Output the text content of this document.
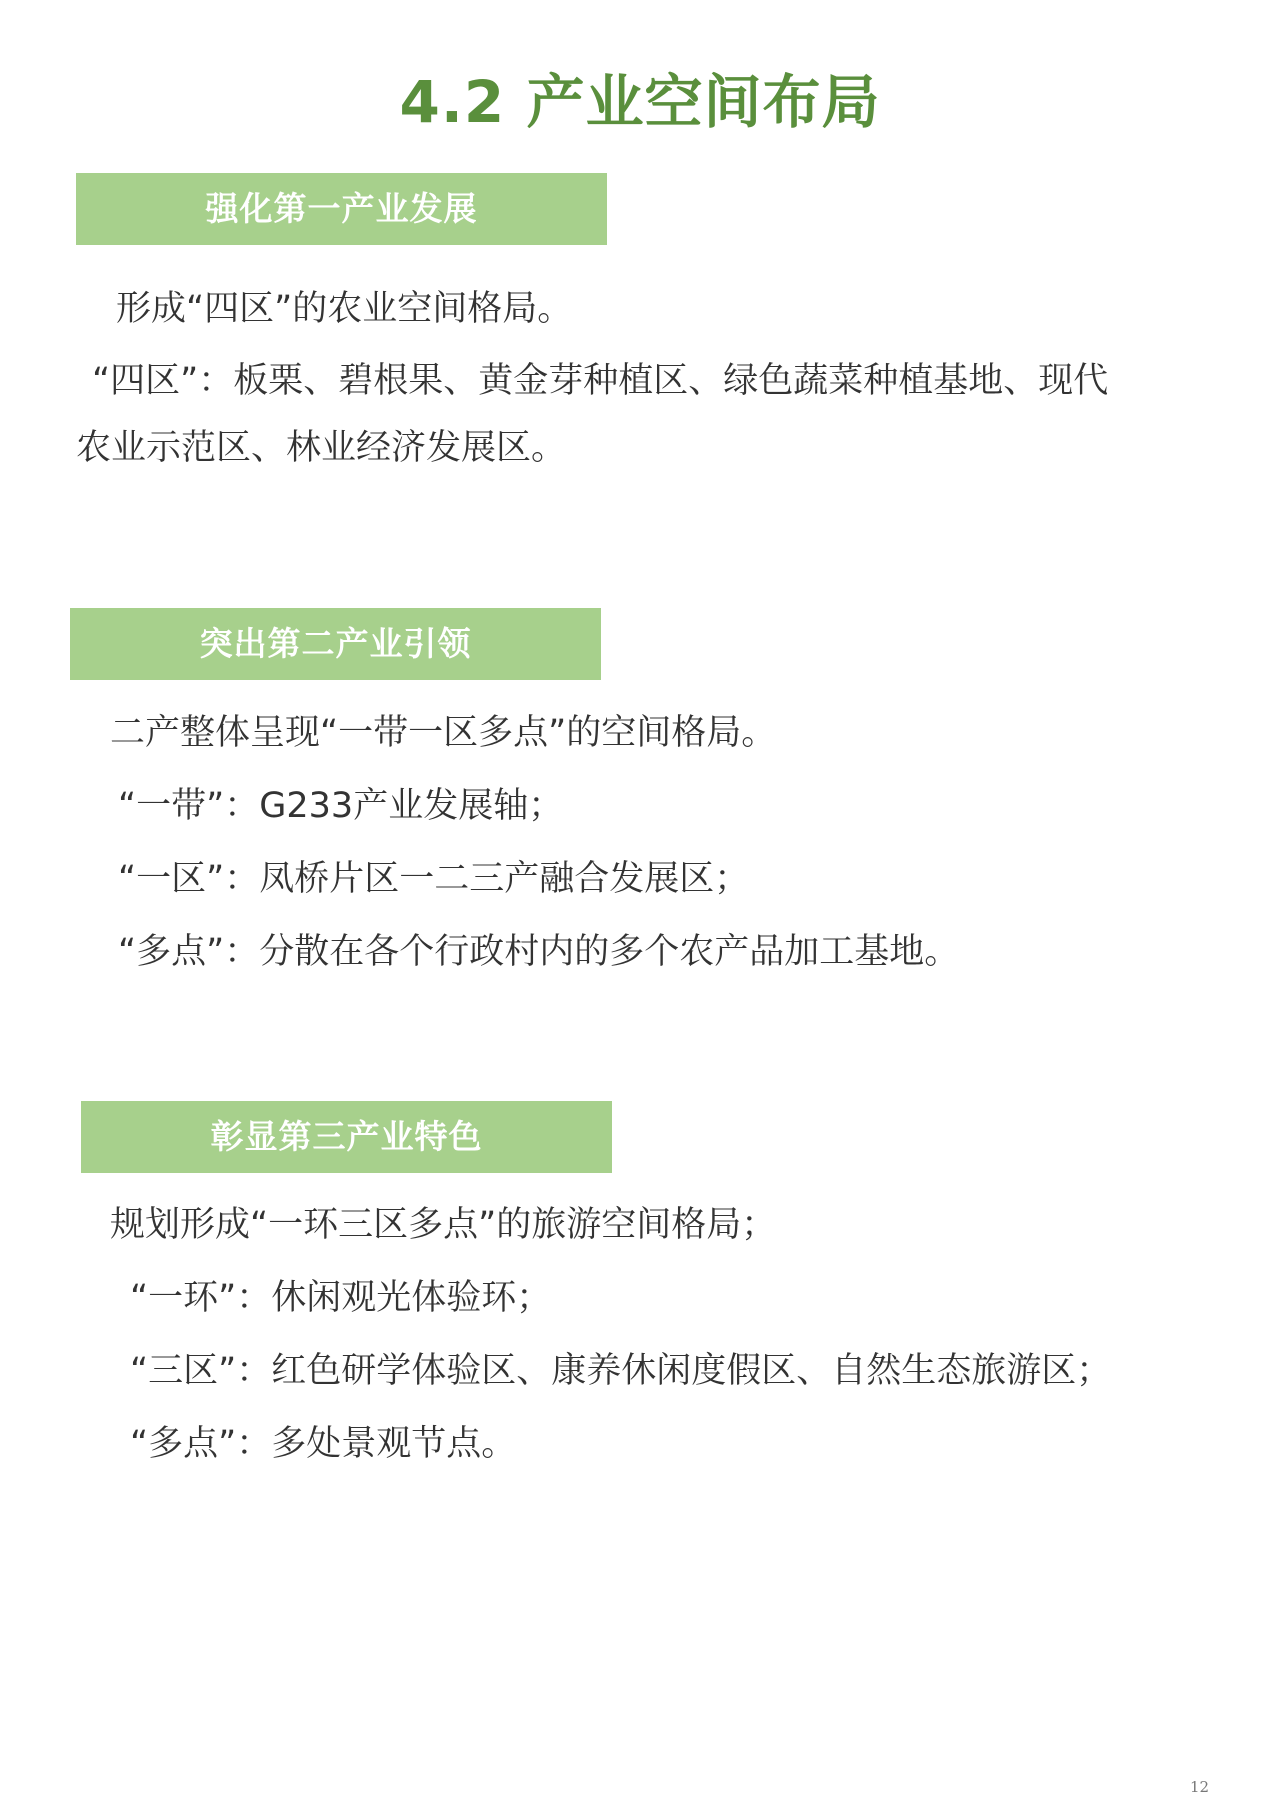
4.2 产业空间布局
强化第一产业发展
形成“四区”的农业空间格局。
“四区”：板栗、碧根果、黄金芽种植区、绿色蔬菜种植基地、现代
农业示范区、林业经济发展区。
突出第二产业引领
二产整体呈现“一带一区多点”的空间格局。
“一带”：G233产业发展轴；
“一区”：凤桥片区一二三产融合发展区；
“多点”：分散在各个行政村内的多个农产品加工基地。
彰显第三产业特色
规划形成“一环三区多点”的旅游空间格局；
“一环”：休闲观光体验环；
“三区”：红色研学体验区、康养休闲度假区、自然生态旅游区；
“多点”：多处景观节点。
12
